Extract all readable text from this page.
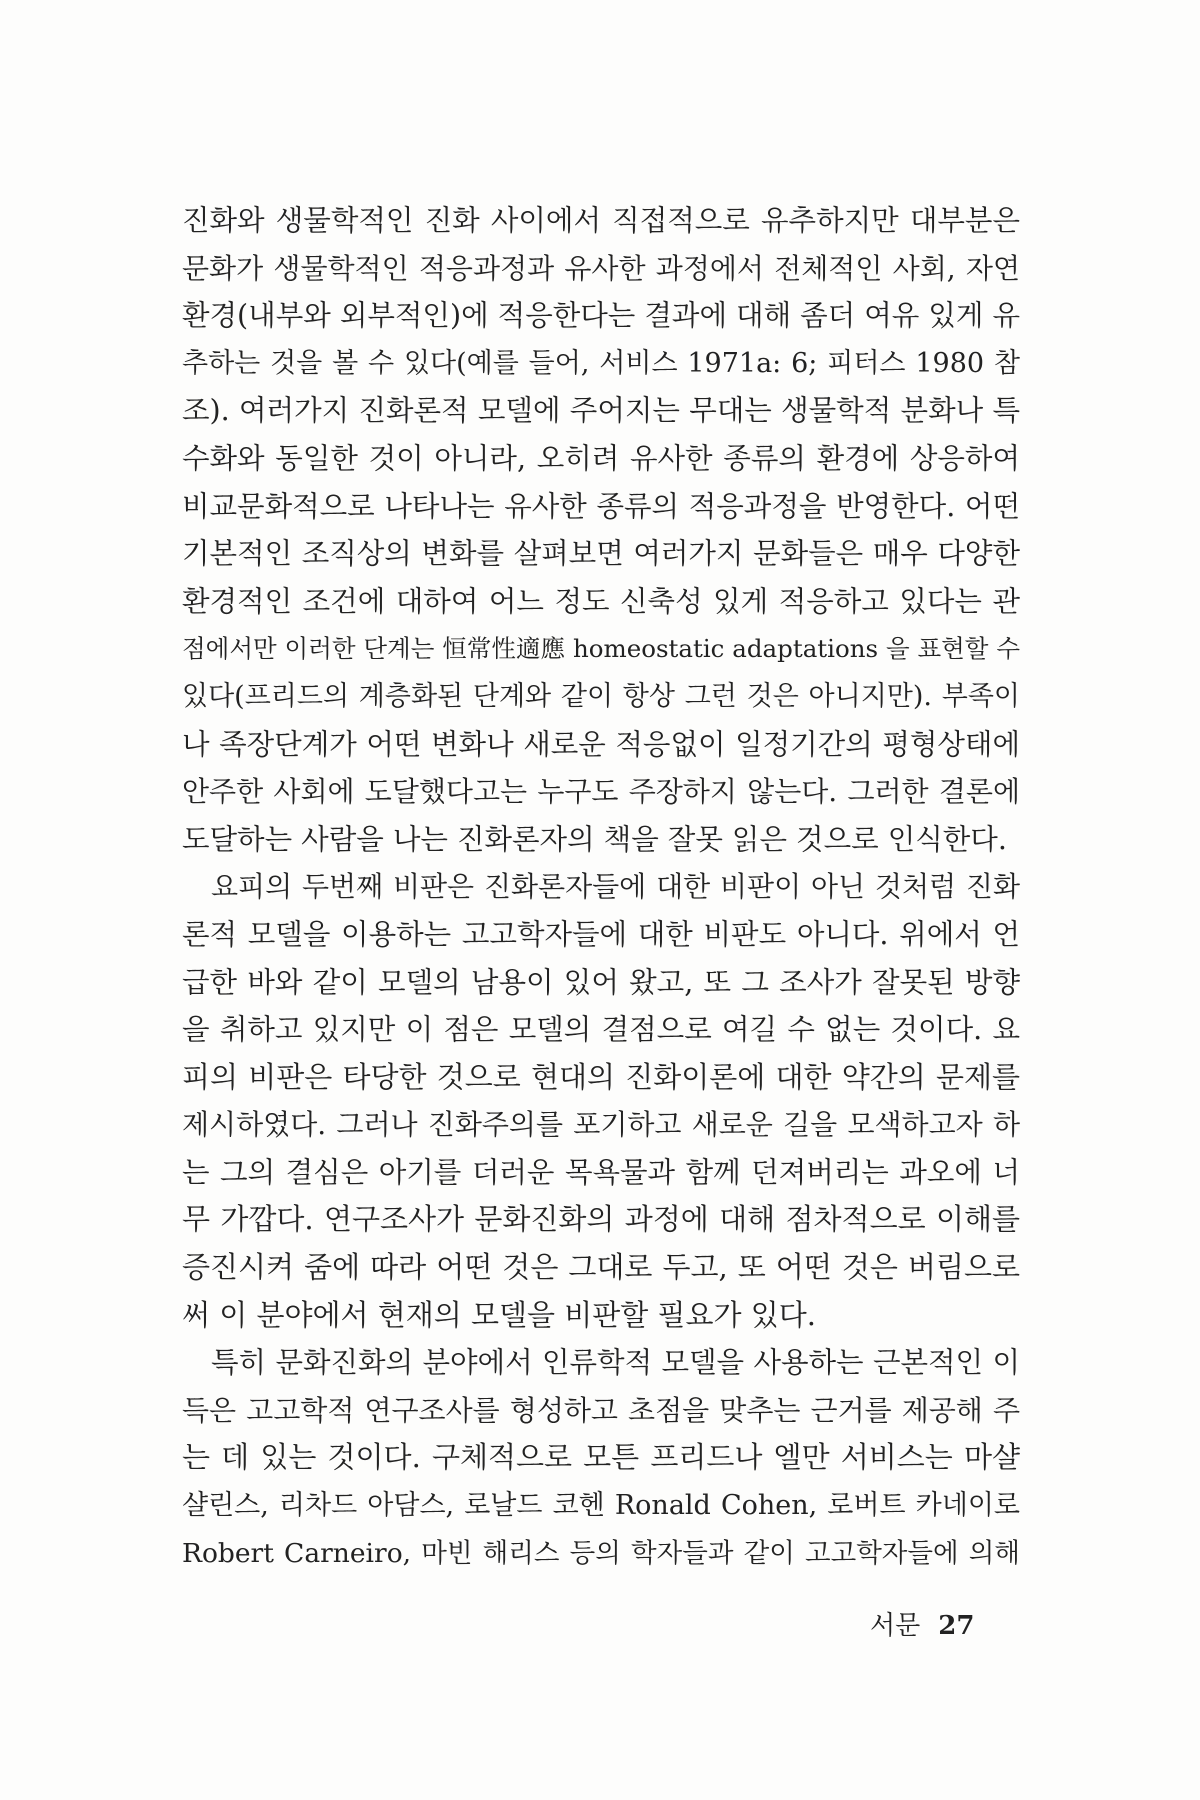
진화와 생물학적인 진화 사이에서 직접적으로 유추하지만 대부분은
문화가 생물학적인 적응과정과 유사한 과정에서 전체적인 사회, 자연
환경(내부와 외부적인)에 적응한다는 결과에 대해 좀더 여유 있게 유
추하는 것을 볼 수 있다(예를 들어, 서비스 1971a: 6; 피터스 1980 참
조). 여러가지 진화론적 모델에 주어지는 무대는 생물학적 분화나 특
수화와 동일한 것이 아니라, 오히려 유사한 종류의 환경에 상응하여
비교문화적으로 나타나는 유사한 종류의 적응과정을 반영한다. 어떤
기본적인 조직상의 변화를 살펴보면 여러가지 문화들은 매우 다양한
환경적인 조건에 대하여 어느 정도 신축성 있게 적응하고 있다는 관
점에서만 이러한 단계는 恒常性適應 homeostatic adaptations 을 표현할 수
있다(프리드의 계층화된 단계와 같이 항상 그런 것은 아니지만). 부족이
나 족장단계가 어떤 변화나 새로운 적응없이 일정기간의 평형상태에
안주한 사회에 도달했다고는 누구도 주장하지 않는다. 그러한 결론에
도달하는 사람을 나는 진화론자의 책을 잘못 읽은 것으로 인식한다.
요피의 두번째 비판은 진화론자들에 대한 비판이 아닌 것처럼 진화
론적 모델을 이용하는 고고학자들에 대한 비판도 아니다. 위에서 언
급한 바와 같이 모델의 남용이 있어 왔고, 또 그 조사가 잘못된 방향
을 취하고 있지만 이 점은 모델의 결점으로 여길 수 없는 것이다. 요
피의 비판은 타당한 것으로 현대의 진화이론에 대한 약간의 문제를
제시하였다. 그러나 진화주의를 포기하고 새로운 길을 모색하고자 하
는 그의 결심은 아기를 더러운 목욕물과 함께 던져버리는 과오에 너
무 가깝다. 연구조사가 문화진화의 과정에 대해 점차적으로 이해를
증진시켜 줌에 따라 어떤 것은 그대로 두고, 또 어떤 것은 버림으로
써 이 분야에서 현재의 모델을 비판할 필요가 있다.
특히 문화진화의 분야에서 인류학적 모델을 사용하는 근본적인 이
득은 고고학적 연구조사를 형성하고 초점을 맞추는 근거를 제공해 주
는 데 있는 것이다. 구체적으로 모튼 프리드나 엘만 서비스는 마샬
샬린스, 리차드 아담스, 로날드 코헨 Ronald Cohen, 로버트 카네이로
Robert Carneiro, 마빈 해리스 등의 학자들과 같이 고고학자들에 의해
서문 27
